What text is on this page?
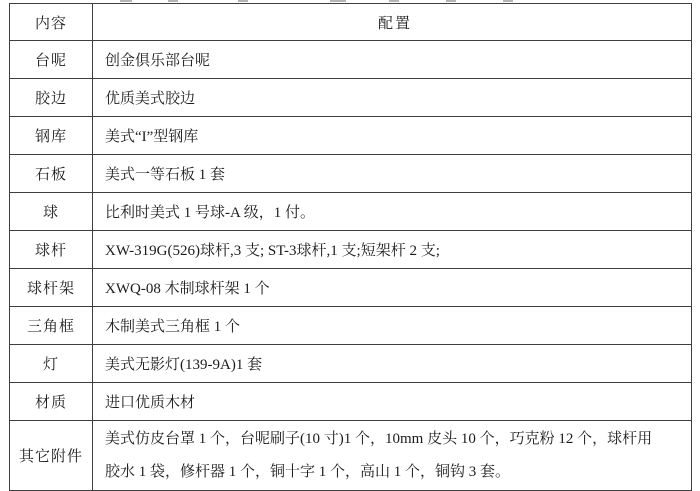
内容	配置
台呢	创金俱乐部台呢
胶边	优质美式胶边
钢库	美式“I”型钢库
石板	美式一等石板 1 套
球	比利时美式 1 号球-A 级，1 付。
球杆	XW-319G(526)球杆,3 支; ST-3球杆,1 支;短架杆 2 支;
球杆架	XWQ-08 木制球杆架 1 个
三角框	木制美式三角框 1 个
灯	美式无影灯(139-9A)1 套
材质	进口优质木材
其它附件	美式仿皮台罩 1 个，台呢刷子(10 寸)1 个，10mm 皮头 10 个，巧克粉 12 个，球杆用
胶水 1 袋，修杆器 1 个，铜十字 1 个，高山 1 个，铜钩 3 套。
